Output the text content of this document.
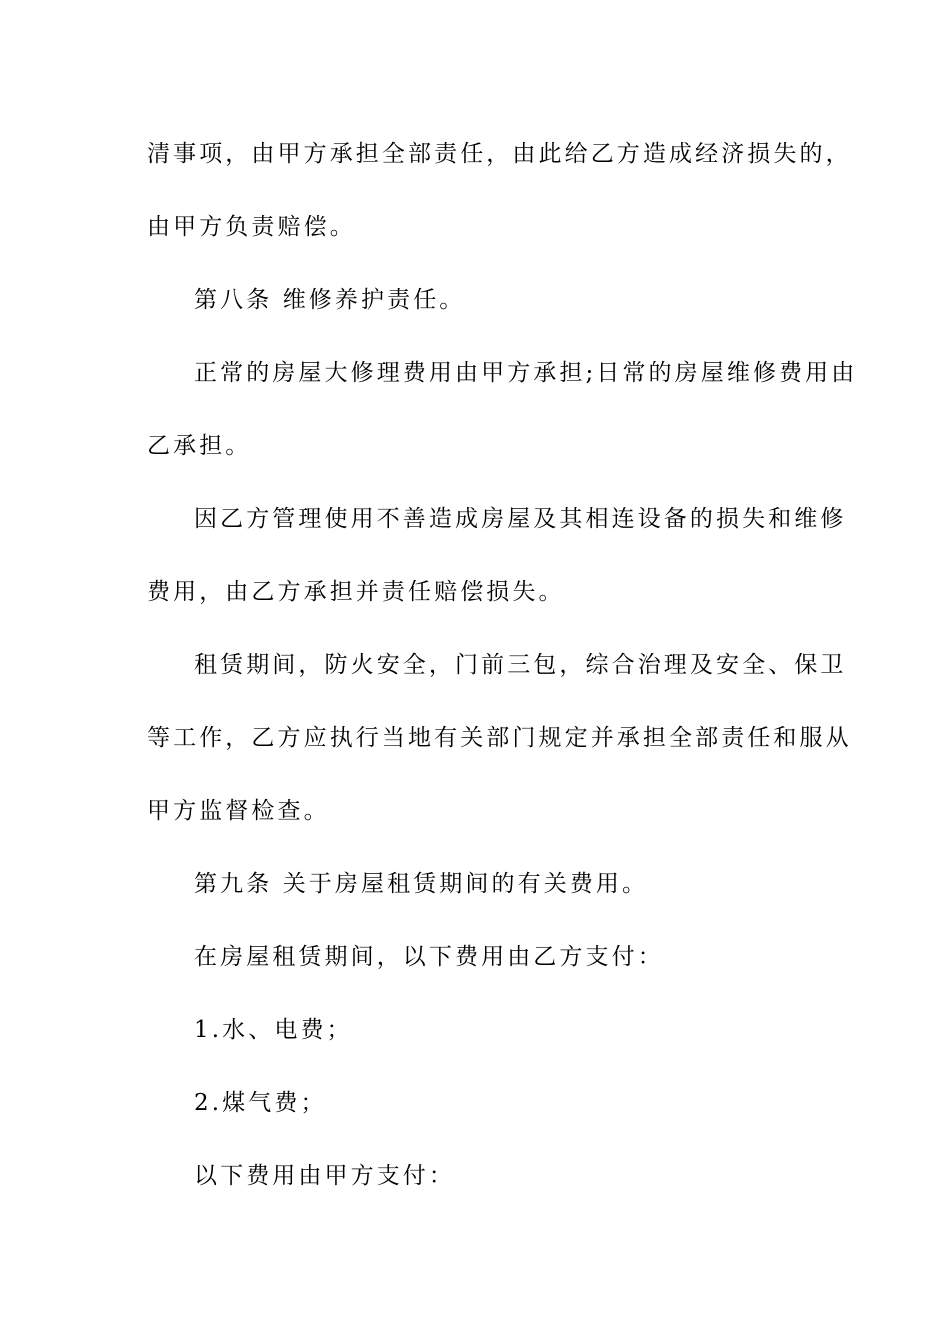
清事项，由甲方承担全部责任，由此给乙方造成经济损失的，
由甲方负责赔偿。
第八条 维修养护责任。
正常的房屋大修理费用由甲方承担;日常的房屋维修费用由
乙承担。
因乙方管理使用不善造成房屋及其相连设备的损失和维修
费用，由乙方承担并责任赔偿损失。
租赁期间，防火安全，门前三包，综合治理及安全、保卫
等工作，乙方应执行当地有关部门规定并承担全部责任和服从
甲方监督检查。
第九条 关于房屋租赁期间的有关费用。
在房屋租赁期间，以下费用由乙方支付：
1.水、电费；
2.煤气费；
以下费用由甲方支付：
